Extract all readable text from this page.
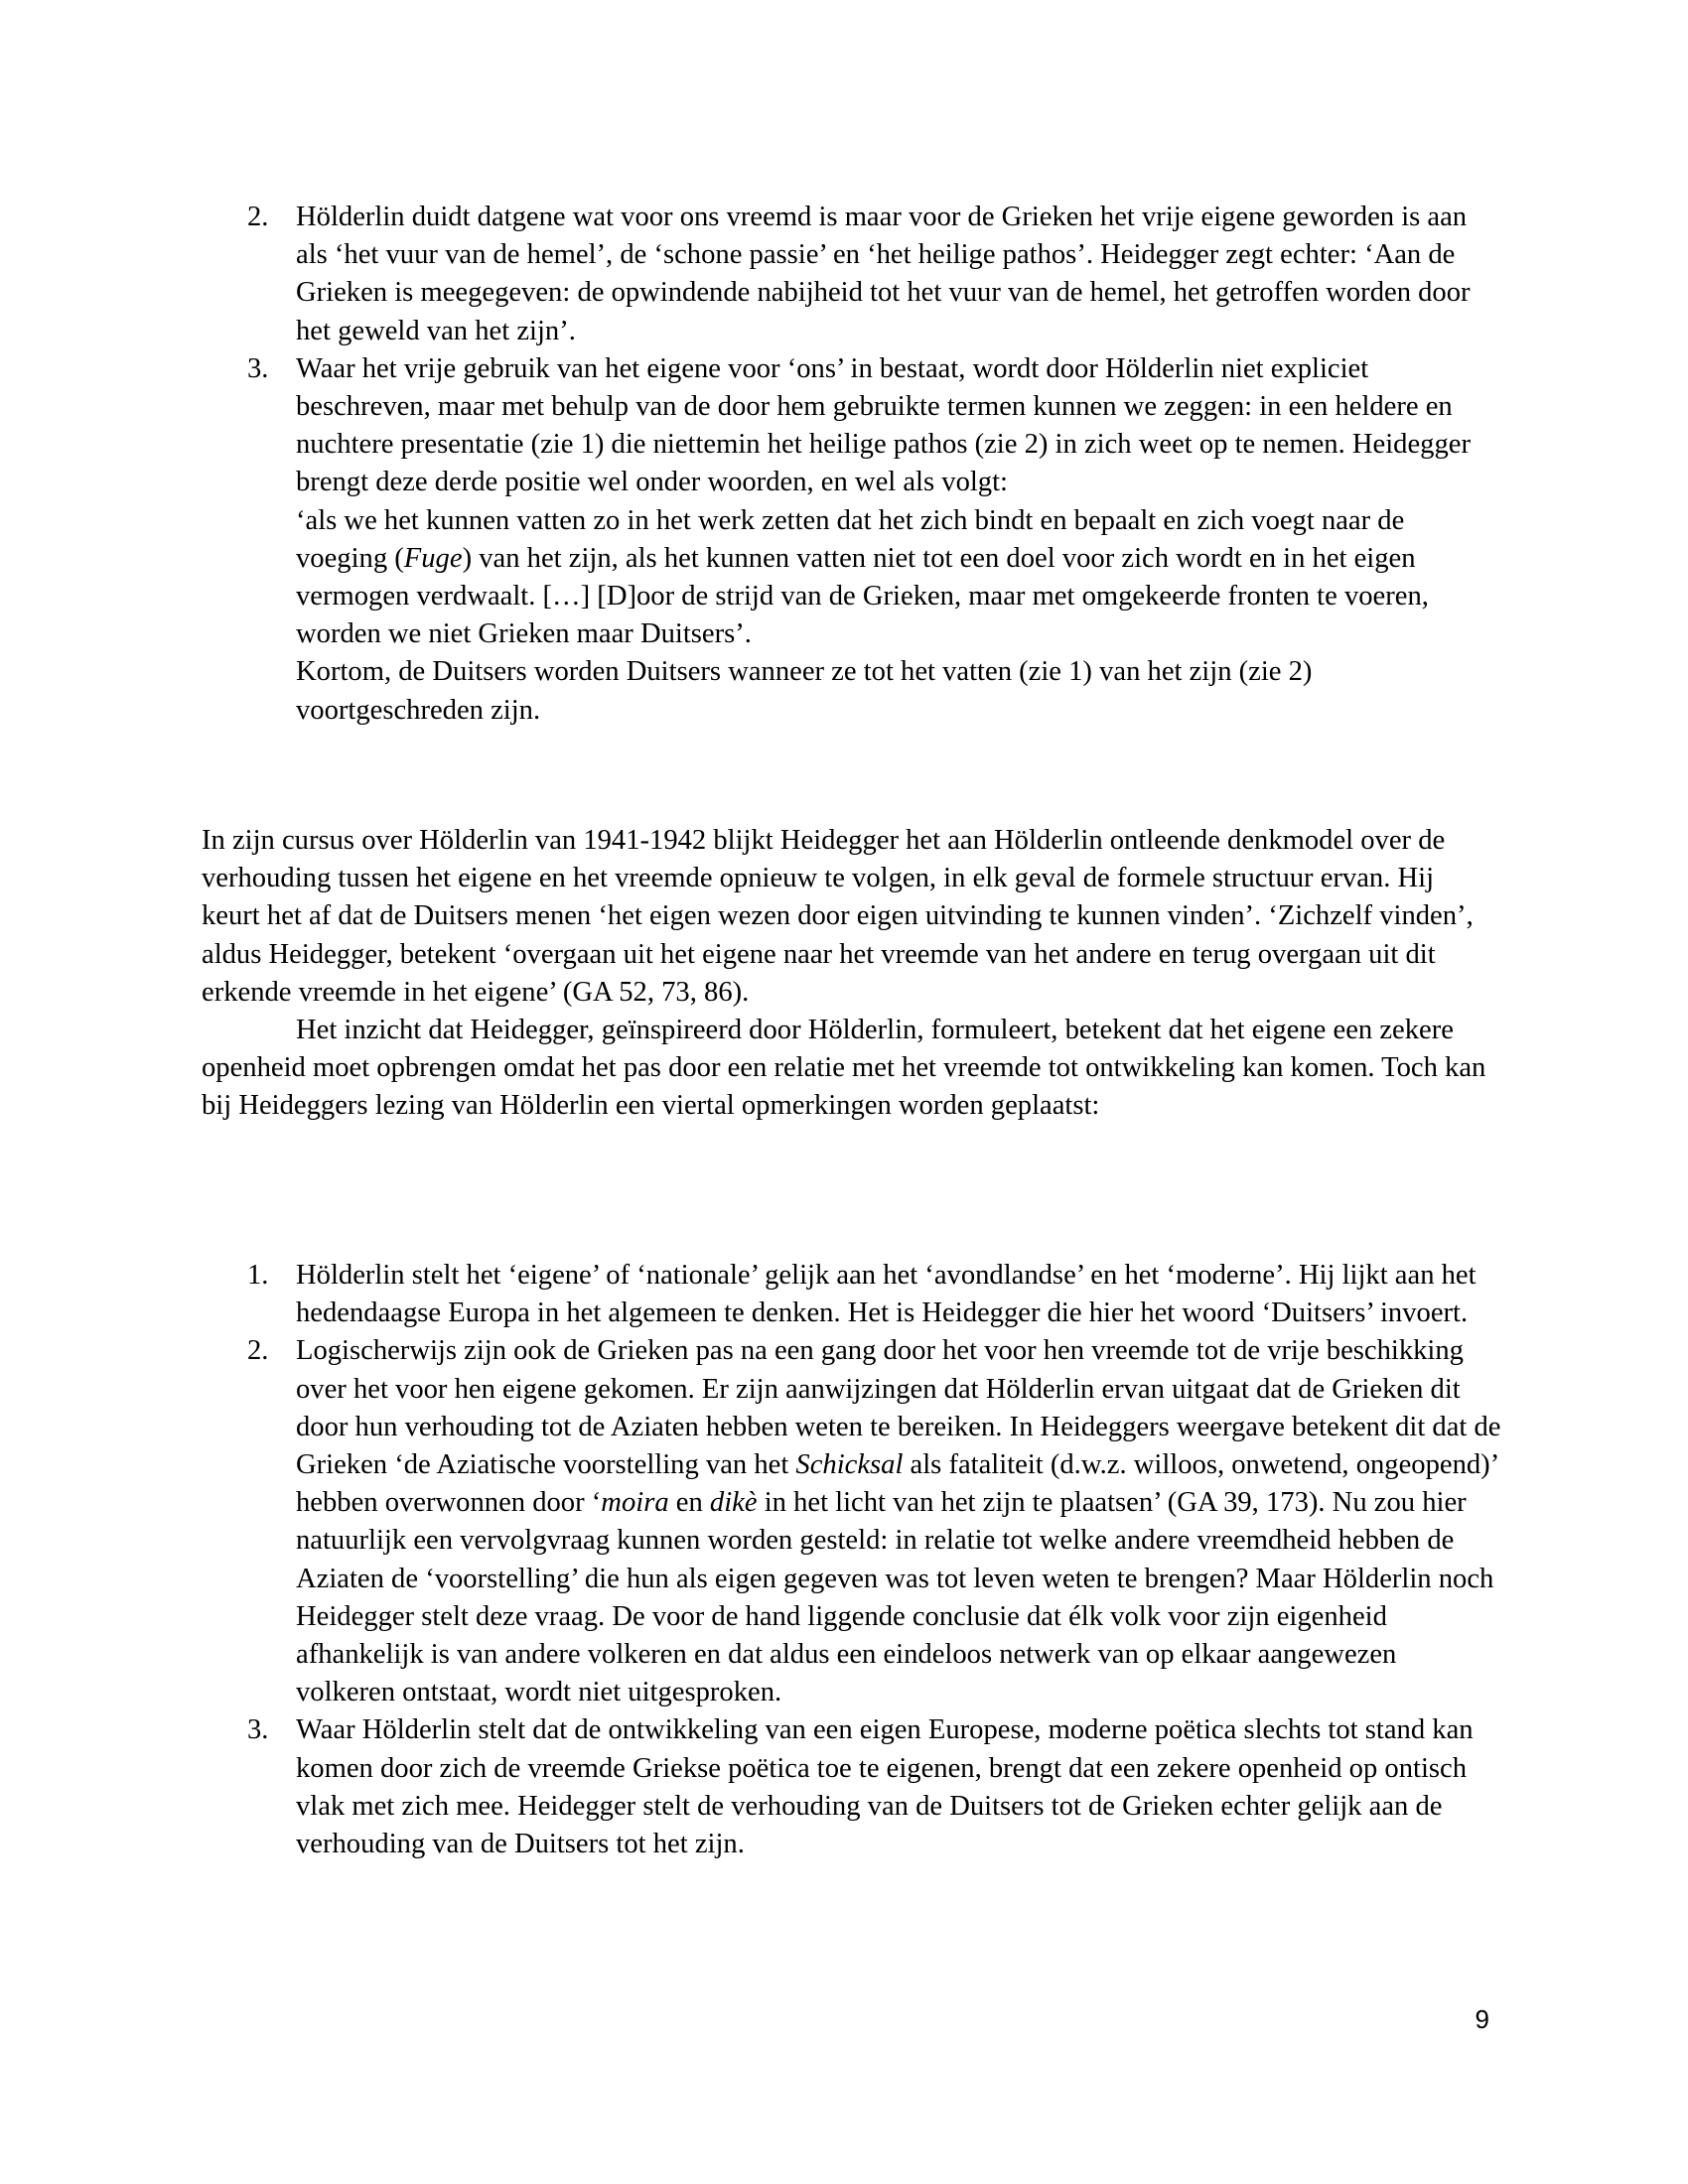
2. Hölderlin duidt datgene wat voor ons vreemd is maar voor de Grieken het vrije eigene geworden is aan als ‘het vuur van de hemel’, de ‘schone passie’ en ‘het heilige pathos’. Heidegger zegt echter: ‘Aan de Grieken is meegegeven: de opwindende nabijheid tot het vuur van de hemel, het getroffen worden door het geweld van het zijn’.
3. Waar het vrije gebruik van het eigene voor ‘ons’ in bestaat, wordt door Hölderlin niet expliciet beschreven, maar met behulp van de door hem gebruikte termen kunnen we zeggen: in een heldere en nuchtere presentatie (zie 1) die niettemin het heilige pathos (zie 2) in zich weet op te nemen. Heidegger brengt deze derde positie wel onder woorden, en wel als volgt:
‘als we het kunnen vatten zo in het werk zetten dat het zich bindt en bepaalt en zich voegt naar de voeging (Fuge) van het zijn, als het kunnen vatten niet tot een doel voor zich wordt en in het eigen vermogen verdwaalt. […] [D]oor de strijd van de Grieken, maar met omgekeerde fronten te voeren, worden we niet Grieken maar Duitsers’.
Kortom, de Duitsers worden Duitsers wanneer ze tot het vatten (zie 1) van het zijn (zie 2) voortgeschreden zijn.

In zijn cursus over Hölderlin van 1941-1942 blijkt Heidegger het aan Hölderlin ontleende denkmodel over de verhouding tussen het eigene en het vreemde opnieuw te volgen, in elk geval de formele structuur ervan. Hij keurt het af dat de Duitsers menen ‘het eigen wezen door eigen uitvinding te kunnen vinden’. ‘Zichzelf vinden’, aldus Heidegger, betekent ‘overgaan uit het eigene naar het vreemde van het andere en terug overgaan uit dit erkende vreemde in het eigene’ (GA 52, 73, 86).

Het inzicht dat Heidegger, geïnspireerd door Hölderlin, formuleert, betekent dat het eigene een zekere openheid moet opbrengen omdat het pas door een relatie met het vreemde tot ontwikkeling kan komen. Toch kan bij Heideggers lezing van Hölderlin een viertal opmerkingen worden geplaatst:

1. Hölderlin stelt het ‘eigene’ of ‘nationale’ gelijk aan het ‘avondlandse’ en het ‘moderne’. Hij lijkt aan het hedendaagse Europa in het algemeen te denken. Het is Heidegger die hier het woord ‘Duitsers’ invoert.
2. Logischerwijs zijn ook de Grieken pas na een gang door het voor hen vreemde tot de vrije beschikking over het voor hen eigene gekomen. Er zijn aanwijzingen dat Hölderlin ervan uitgaat dat de Grieken dit door hun verhouding tot de Aziaten hebben weten te bereiken. In Heideggers weergave betekent dit dat de Grieken ‘de Aziatische voorstelling van het Schicksal als fataliteit (d.w.z. willoos, onwetend, ongeopend)’ hebben overwonnen door ‘moira en dikè in het licht van het zijn te plaatsen’ (GA 39, 173). Nu zou hier natuurlijk een vervolgvraag kunnen worden gesteld: in relatie tot welke andere vreemdheid hebben de Aziaten de ‘voorstelling’ die hun als eigen gegeven was tot leven weten te brengen? Maar Hölderlin noch Heidegger stelt deze vraag. De voor de hand liggende conclusie dat élk volk voor zijn eigenheid afhankelijk is van andere volkeren en dat aldus een eindeloos netwerk van op elkaar aangewezen volkeren ontstaat, wordt niet uitgesproken.
3. Waar Hölderlin stelt dat de ontwikkeling van een eigen Europese, moderne poëtica slechts tot stand kan komen door zich de vreemde Griekse poëtica toe te eigenen, brengt dat een zekere openheid op ontisch vlak met zich mee. Heidegger stelt de verhouding van de Duitsers tot de Grieken echter gelijk aan de verhouding van de Duitsers tot het zijn.
9
